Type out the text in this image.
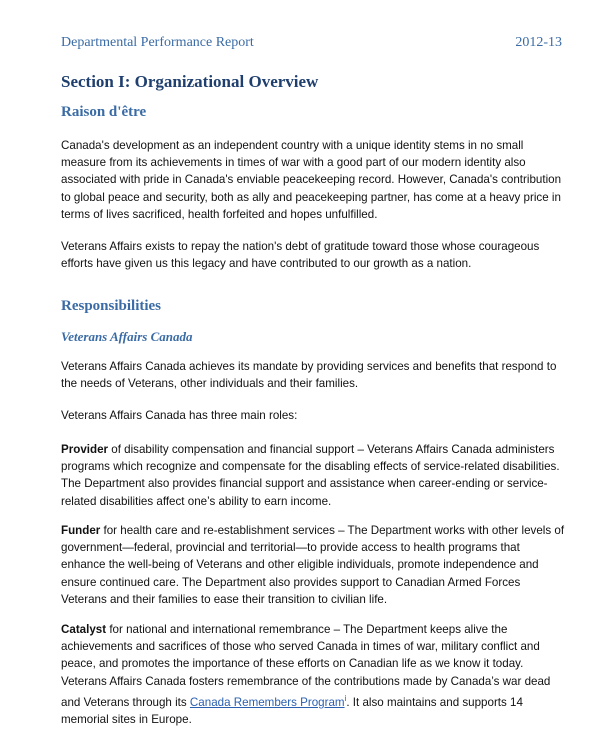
Departmental Performance Report	2012-13
Section I: Organizational Overview
Raison d'être

Canada's development as an independent country with a unique identity stems in no small measure from its achievements in times of war with a good part of our modern identity also associated with pride in Canada's enviable peacekeeping record. However, Canada's contribution to global peace and security, both as ally and peacekeeping partner, has come at a heavy price in terms of lives sacrificed, health forfeited and hopes unfulfilled.

Veterans Affairs exists to repay the nation's debt of gratitude toward those whose courageous efforts have given us this legacy and have contributed to our growth as a nation.

Responsibilities
Veterans Affairs Canada

Veterans Affairs Canada achieves its mandate by providing services and benefits that respond to the needs of Veterans, other individuals and their families.

Veterans Affairs Canada has three main roles:

Provider of disability compensation and financial support – Veterans Affairs Canada administers programs which recognize and compensate for the disabling effects of service-related disabilities. The Department also provides financial support and assistance when career-ending or service-related disabilities affect one’s ability to earn income.

Funder for health care and re-establishment services – The Department works with other levels of government—federal, provincial and territorial—to provide access to health programs that enhance the well-being of Veterans and other eligible individuals, promote independence and ensure continued care. The Department also provides support to Canadian Armed Forces Veterans and their families to ease their transition to civilian life.

Catalyst for national and international remembrance – The Department keeps alive the achievements and sacrifices of those who served Canada in times of war, military conflict and peace, and promotes the importance of these efforts on Canadian life as we know it today. Veterans Affairs Canada fosters remembrance of the contributions made by Canada’s war dead and Veterans through its Canada Remembers Program$^i$. It also maintains and supports 14 memorial sites in Europe.
